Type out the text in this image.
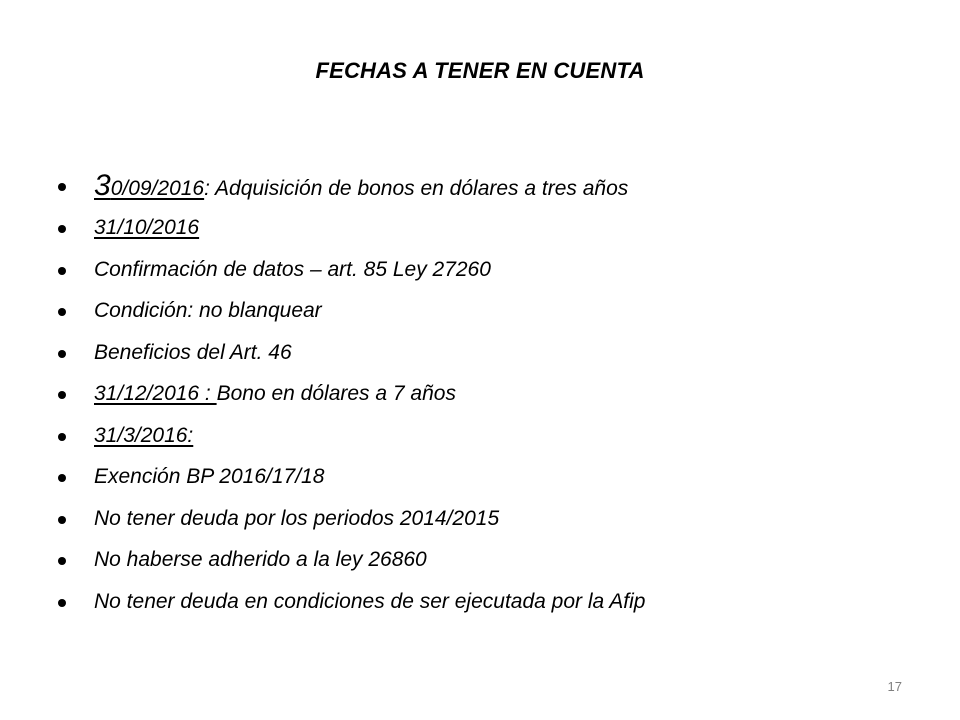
FECHAS A TENER EN CUENTA
30/09/2016: Adquisición de bonos en dólares a tres años
31/10/2016
Confirmación de datos – art. 85 Ley 27260
Condición: no blanquear
Beneficios del Art. 46
31/12/2016 : Bono en dólares a 7 años
31/3/2016:
Exención BP 2016/17/18
No tener deuda por los periodos 2014/2015
No haberse adherido a la ley 26860
No tener deuda en condiciones de ser ejecutada por la Afip
17
